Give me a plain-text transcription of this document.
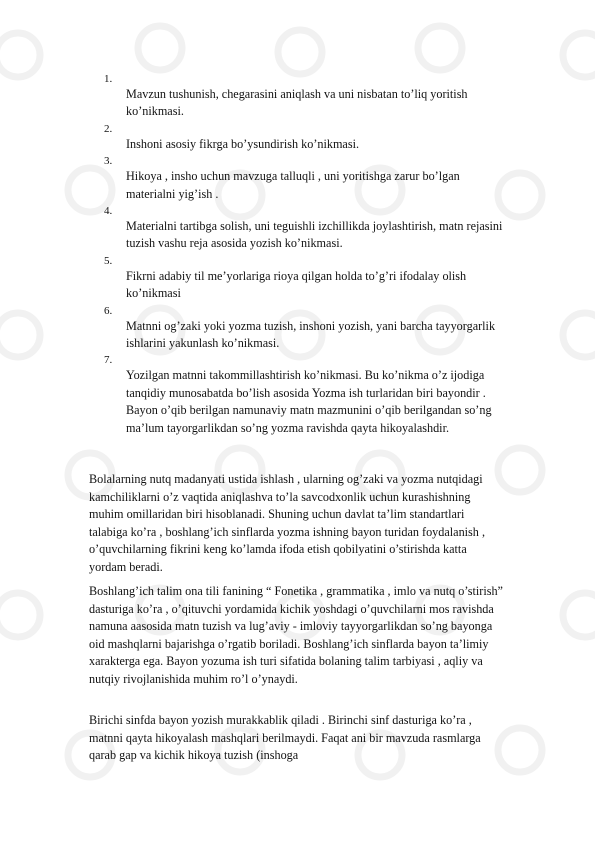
1.
Mavzun tushunish, chegarasini aniqlash va uni nisbatan to’liq yoritish ko’nikmasi.
2.
Inshoni asosiy fikrga bo’ysundirish ko’nikmasi.
3.
Hikoya , insho uchun mavzuga talluqli , uni yoritishga zarur bo’lgan materialni yig’ish .
4.
Materialni tartibga solish, uni teguishli izchillikda joylashtirish, matn rejasini tuzish vashu reja asosida yozish ko’nikmasi.
5.
Fikrni adabiy til me’yorlariga rioya qilgan holda to’g’ri ifodalay olish ko’nikmasi
6.
Matnni og’zaki yoki yozma tuzish, inshoni yozish, yani barcha tayyorgarlik ishlarini yakunlash ko’nikmasi.
7.
Yozilgan matnni takommillashtirish ko’nikmasi. Bu ko’nikma o’z ijodiga tanqidiy munosabatda bo’lish asosida Yozma ish turlaridan biri bayondir . Bayon o’qib berilgan namunaviy matn mazmunini o’qib berilgandan so’ng ma’lum tayorgarlikdan so’ng yozma ravishda qayta hikoyalashdir.

Bolalarning nutq madanyati ustida ishlash , ularning og’zaki va yozma nutqidagi kamchiliklarni o’z vaqtida aniqlashva to’la savcodxonlik uchun kurashishning muhim omillaridan biri hisoblanadi. Shuning uchun davlat ta’lim standartlari talabiga ko’ra , boshlang’ich sinflarda yozma ishning bayon turidan foydalanish , o’quvchilarning fikrini keng ko’lamda ifoda etish qobilyatini o’stirishda katta yordam beradi.

Boshlang’ich talim ona tili fanining “ Fonetika , grammatika , imlo va nutq o’stirish” dasturiga ko’ra , o’qituvchi yordamida kichik yoshdagi o’quvchilarni mos ravishda namuna aasosida matn tuzish va lug’aviy - imloviy tayyorgarlikdan so’ng bayonga oid mashqlarni bajarishga o’rgatib boriladi. Boshlang’ich sinflarda bayon ta’limiy xarakterga ega. Bayon yozuma ish turi sifatida bolaning talim tarbiyasi , aqliy va nutqiy rivojlanishida muhim ro’l o’ynaydi.

Birichi sinfda bayon yozish murakkablik qiladi . Birinchi sinf dasturiga ko’ra , matnni qayta hikoyalash mashqlari berilmaydi. Faqat ani bir mavzuda rasmlarga qarab gap va kichik hikoya tuzish (inshoga
